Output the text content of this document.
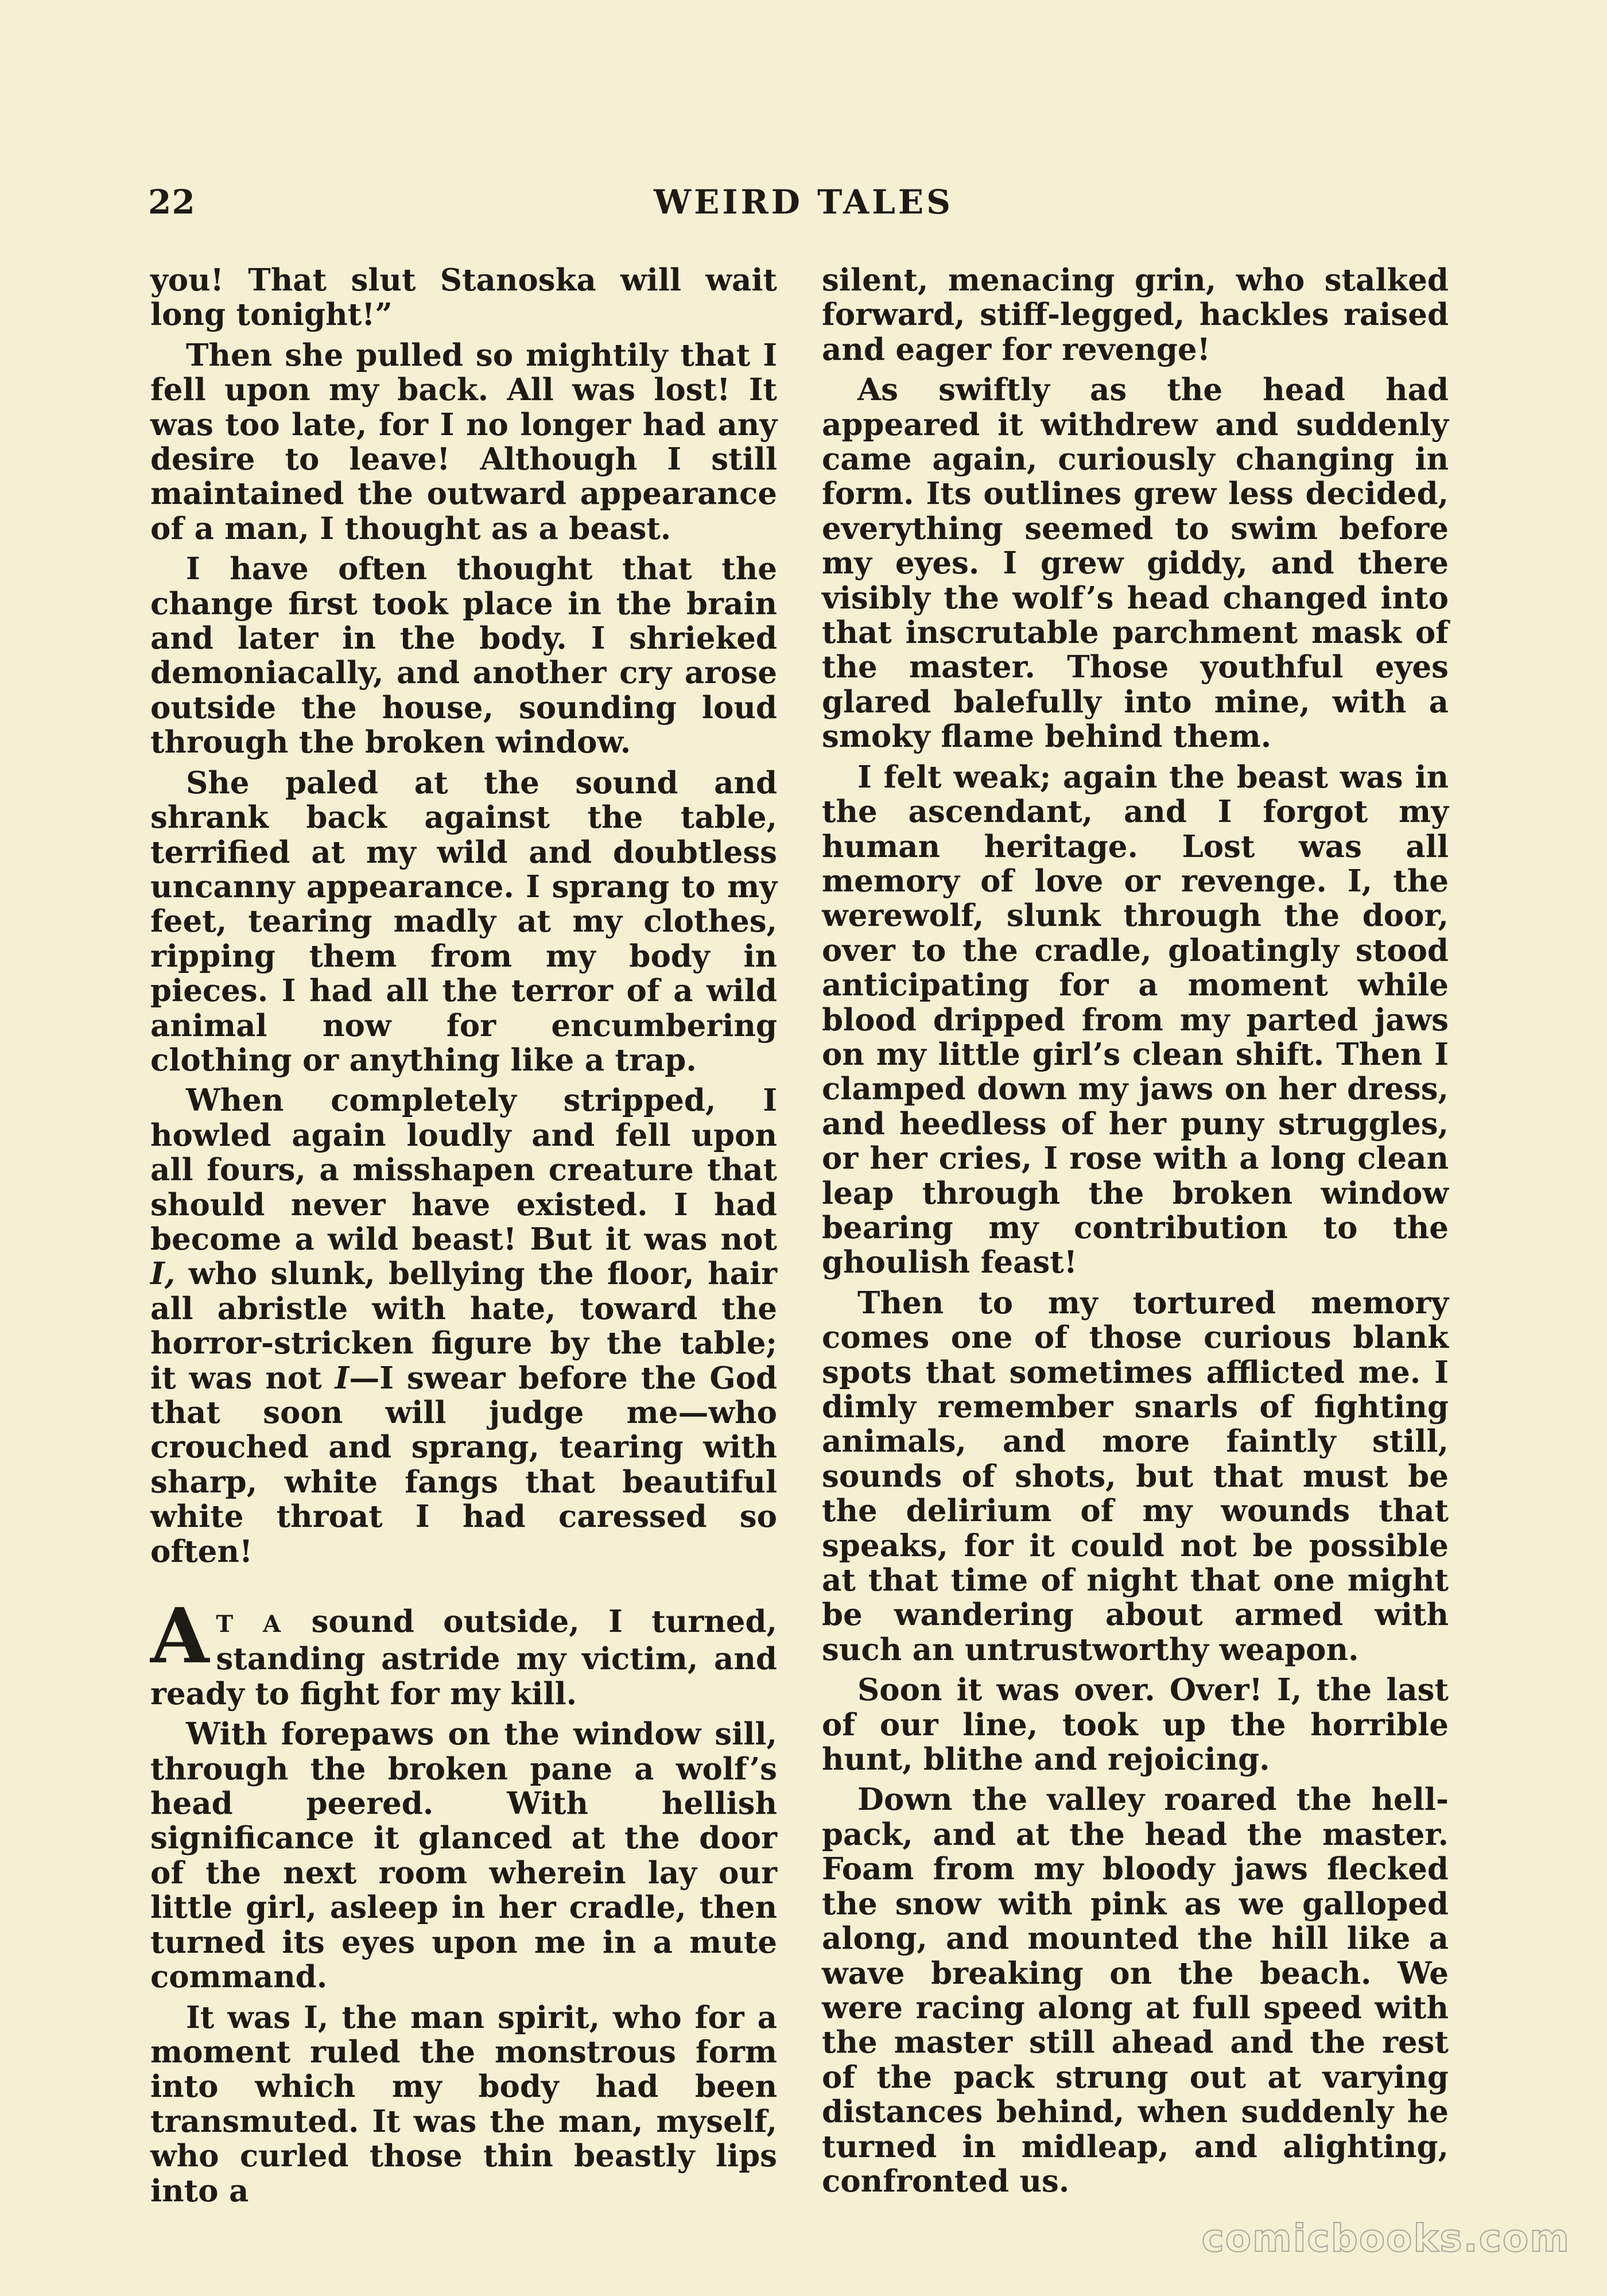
22	WEIRD TALES

you! That slut Stanoska will wait long tonight!”

Then she pulled so mightily that I fell upon my back. All was lost! It was too late, for I no longer had any desire to leave! Although I still maintained the outward appearance of a man, I thought as a beast.

I have often thought that the change first took place in the brain and later in the body. I shrieked demoniacally, and another cry arose outside the house, sounding loud through the broken window.

She paled at the sound and shrank back against the table, terrified at my wild and doubtless uncanny appearance. I sprang to my feet, tearing madly at my clothes, ripping them from my body in pieces. I had all the terror of a wild animal now for encumbering clothing or anything like a trap.

When completely stripped, I howled again loudly and fell upon all fours, a misshapen creature that should never have existed. I had become a wild beast! But it was not I, who slunk, bellying the floor, hair all abristle with hate, toward the horror-stricken figure by the table; it was not I—I swear before the God that soon will judge me—who crouched and sprang, tearing with sharp, white fangs that beautiful white throat I had caressed so often!

A T A sound outside, I turned, standing astride my victim, and ready to fight for my kill.

With forepaws on the window sill, through the broken pane a wolf’s head peered. With hellish significance it glanced at the door of the next room wherein lay our little girl, asleep in her cradle, then turned its eyes upon me in a mute command.

It was I, the man spirit, who for a moment ruled the monstrous form into which my body had been transmuted. It was the man, myself, who curled those thin beastly lips into a

silent, menacing grin, who stalked forward, stiff-legged, hackles raised and eager for revenge!

As swiftly as the head had appeared it withdrew and suddenly came again, curiously changing in form. Its outlines grew less decided, everything seemed to swim before my eyes. I grew giddy, and there visibly the wolf’s head changed into that inscrutable parchment mask of the master. Those youthful eyes glared balefully into mine, with a smoky flame behind them.

I felt weak; again the beast was in the ascendant, and I forgot my human heritage. Lost was all memory of love or revenge. I, the werewolf, slunk through the door, over to the cradle, gloatingly stood anticipating for a moment while blood dripped from my parted jaws on my little girl’s clean shift. Then I clamped down my jaws on her dress, and heedless of her puny struggles, or her cries, I rose with a long clean leap through the broken window bearing my contribution to the ghoulish feast!

Then to my tortured memory comes one of those curious blank spots that sometimes afflicted me. I dimly remember snarls of fighting animals, and more faintly still, sounds of shots, but that must be the delirium of my wounds that speaks, for it could not be possible at that time of night that one might be wandering about armed with such an untrustworthy weapon.

Soon it was over. Over! I, the last of our line, took up the horrible hunt, blithe and rejoicing.

Down the valley roared the hell-pack, and at the head the master. Foam from my bloody jaws flecked the snow with pink as we galloped along, and mounted the hill like a wave breaking on the beach. We were racing along at full speed with the master still ahead and the rest of the pack strung out at varying distances behind, when suddenly he turned in midleap, and alighting, confronted us.

comicbooks.com
